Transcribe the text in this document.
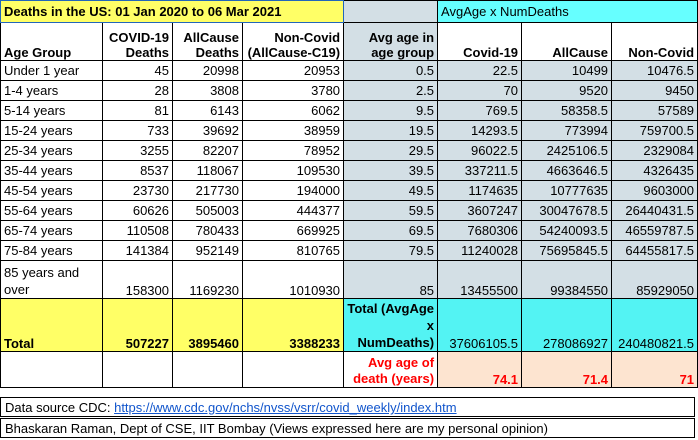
Deaths in the US: 01 Jan 2020 to 06 Mar 2021					AvgAge x NumDeaths		
Age Group	COVID-19 Deaths	AllCause Deaths	Non-Covid (AllCause-C19)	Avg age in age group	Covid-19	AllCause	Non-Covid
Under 1 year	45	20998	20953	0.5	22.5	10499	10476.5
1-4 years	28	3808	3780	2.5	70	9520	9450
5-14 years	81	6143	6062	9.5	769.5	58358.5	57589
15-24 years	733	39692	38959	19.5	14293.5	773994	759700.5
25-34 years	3255	82207	78952	29.5	96022.5	2425106.5	2329084
35-44 years	8537	118067	109530	39.5	337211.5	4663646.5	4326435
45-54 years	23730	217730	194000	49.5	1174635	10777635	9603000
55-64 years	60626	505003	444377	59.5	3607247	30047678.5	26440431.5
65-74 years	110508	780433	669925	69.5	7680306	54240093.5	46559787.5
75-84 years	141384	952149	810765	79.5	11240028	75695845.5	64455817.5
85 years and over	158300	1169230	1010930	85	13455500	99384550	85929050
Total	507227	3895460	3388233	Total (AvgAge x NumDeaths)	37606105.5	278086927	240480821.5
				Avg age of death (years)	74.1	71.4	71
Data source CDC: https://www.cdc.gov/nchs/nvss/vsrr/covid_weekly/index.htm
Bhaskaran Raman, Dept of CSE, IIT Bombay (Views expressed here are my personal opinion)
